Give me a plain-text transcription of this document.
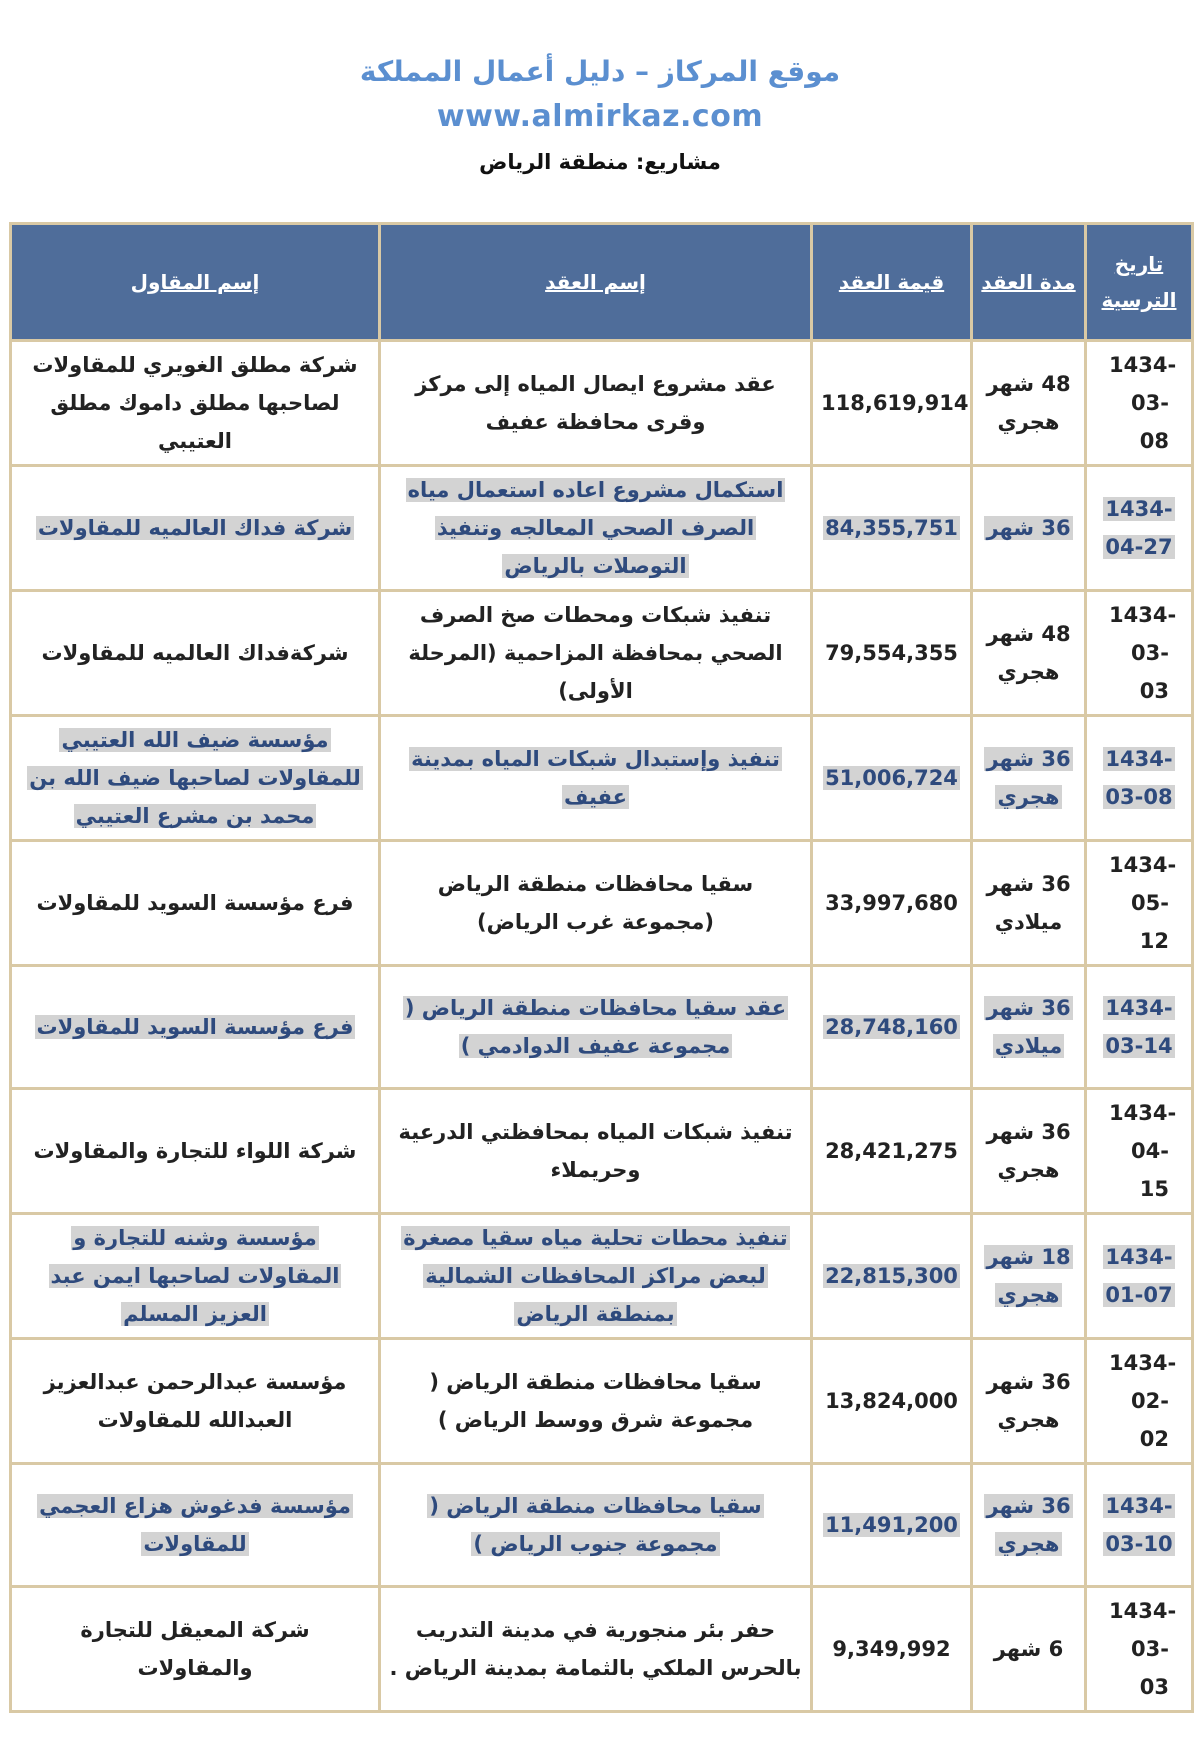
موقع المركاز – دليل أعمال المملكة
www.almirkaz.com
مشاريع: منطقة الرياض
تاريخ الترسية	مدة العقد	قيمة العقد	إسم العقد	إسم المقاول
1434-03-08	48 شهر هجري	118,619,914	عقد مشروع ايصال المياه إلى مركز وقرى محافظة عفيف	شركة مطلق الغويري للمقاولات لصاحبها مطلق داموك مطلق العتيبي
1434-04-27	36 شهر	84,355,751	استكمال مشروع اعاده استعمال مياه الصرف الصحي المعالجه وتنفيذ التوصلات بالرياض	شركة فداك العالميه للمقاولات
1434-03-03	48 شهر هجري	79,554,355	تنفيذ شبكات ومحطات صخ الصرف الصحي بمحافظة المزاحمية (المرحلة الأولى)	شركةفداك العالميه للمقاولات
1434-03-08	36 شهر هجري	51,006,724	تنفيذ وإستبدال شبكات المياه بمدينة عفيف	مؤسسة ضيف الله العتيبي للمقاولات لصاحبها ضيف الله بن محمد بن مشرع العتيبي
1434-05-12	36 شهر ميلادي	33,997,680	سقيا محافظات منطقة الرياض (مجموعة غرب الرياض)	فرع مؤسسة السويد للمقاولات
1434-03-14	36 شهر ميلادي	28,748,160	عقد سقيا محافظات منطقة الرياض ( مجموعة عفيف الدوادمي )	فرع مؤسسة السويد للمقاولات
1434-04-15	36 شهر هجري	28,421,275	تنفيذ شبكات المياه بمحافظتي الدرعية وحريملاء	شركة اللواء للتجارة والمقاولات
1434-01-07	18 شهر هجري	22,815,300	تنفيذ محطات تحلية مياه سقيا مصغرة لبعض مراكز المحافظات الشمالية بمنطقة الرياض	مؤسسة وشنه للتجارة و المقاولات لصاحبها ايمن عبد العزيز المسلم
1434-02-02	36 شهر هجري	13,824,000	سقيا محافظات منطقة الرياض ( مجموعة شرق ووسط الرياض )	مؤسسة عبدالرحمن عبدالعزيز العبدالله للمقاولات
1434-03-10	36 شهر هجري	11,491,200	سقيا محافظات منطقة الرياض ( مجموعة جنوب الرياض )	مؤسسة فدغوش هزاع العجمي للمقاولات
1434-03-03	6 شهر	9,349,992	حفر بئر منجورية في مدينة التدريب بالحرس الملكي بالثمامة بمدينة الرياض .	شركة المعيقل للتجارة والمقاولات
